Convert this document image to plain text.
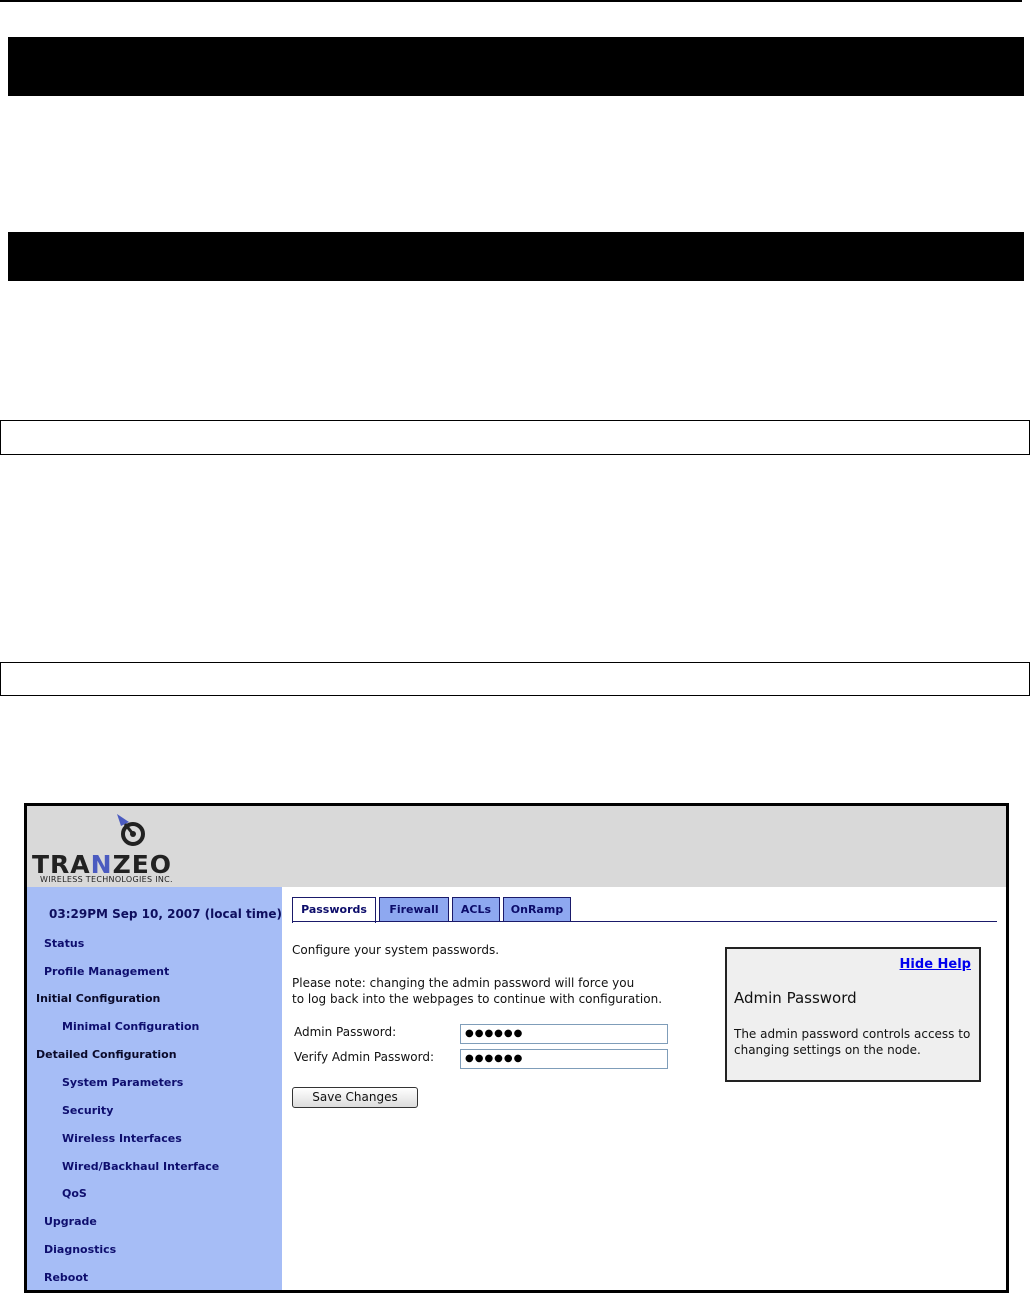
TRANZEO
WIRELESS TECHNOLOGIES INC.
03:29PM Sep 10, 2007 (local time)
Status
Profile Management
Initial Configuration
Minimal Configuration
Detailed Configuration
System Parameters
Security
Wireless Interfaces
Wired/Backhaul Interface
QoS
Upgrade
Diagnostics
Reboot
Passwords	Firewall	ACLs	OnRamp
Configure your system passwords.
Please note: changing the admin password will force you
to log back into the webpages to continue with configuration.
Admin Password:	●●●●●●
Verify Admin Password:	●●●●●●
Save Changes
Hide Help
Admin Password
The admin password controls access to changing settings on the node.
